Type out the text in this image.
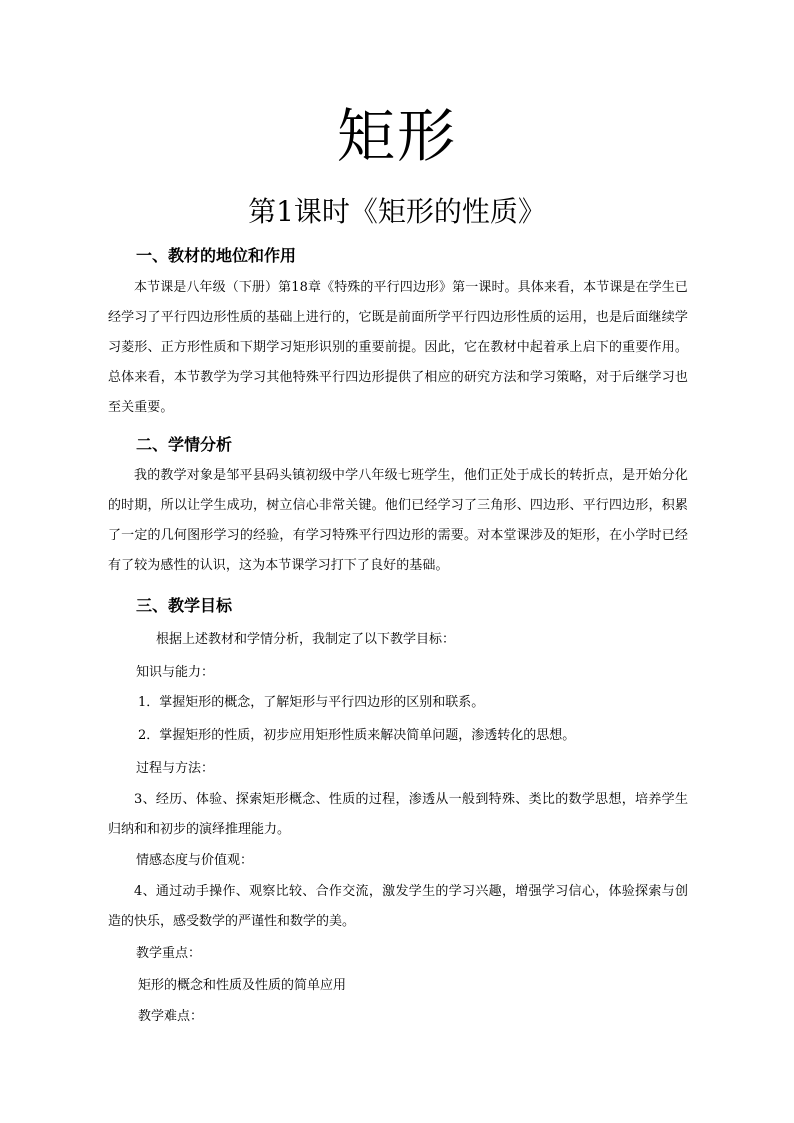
矩形
第1课时《矩形的性质》
一、教材的地位和作用
本节课是八年级（下册）第18章《特殊的平行四边形》第一课时。具体来看，本节课是在学生已经学习了平行四边形性质的基础上进行的，它既是前面所学平行四边形性质的运用，也是后面继续学习菱形、正方形性质和下期学习矩形识别的重要前提。因此，它在教材中起着承上启下的重要作用。总体来看，本节教学为学习其他特殊平行四边形提供了相应的研究方法和学习策略，对于后继学习也至关重要。
二、学情分析
我的教学对象是邹平县码头镇初级中学八年级七班学生，他们正处于成长的转折点，是开始分化的时期，所以让学生成功，树立信心非常关键。他们已经学习了三角形、四边形、平行四边形，积累了一定的几何图形学习的经验，有学习特殊平行四边形的需要。对本堂课涉及的矩形，在小学时已经有了较为感性的认识，这为本节课学习打下了良好的基础。
三、教学目标
根据上述教材和学情分析，我制定了以下教学目标：
知识与能力：
1．掌握矩形的概念，了解矩形与平行四边形的区别和联系。
2．掌握矩形的性质，初步应用矩形性质来解决简单问题，渗透转化的思想。
过程与方法：
3、经历、体验、探索矩形概念、性质的过程，渗透从一般到特殊、类比的数学思想，培养学生归纳和和初步的演绎推理能力。
情感态度与价值观：
4、通过动手操作、观察比较、合作交流，激发学生的学习兴趣，增强学习信心，体验探索与创造的快乐，感受数学的严谨性和数学的美。
教学重点：
矩形的概念和性质及性质的简单应用
教学难点：
